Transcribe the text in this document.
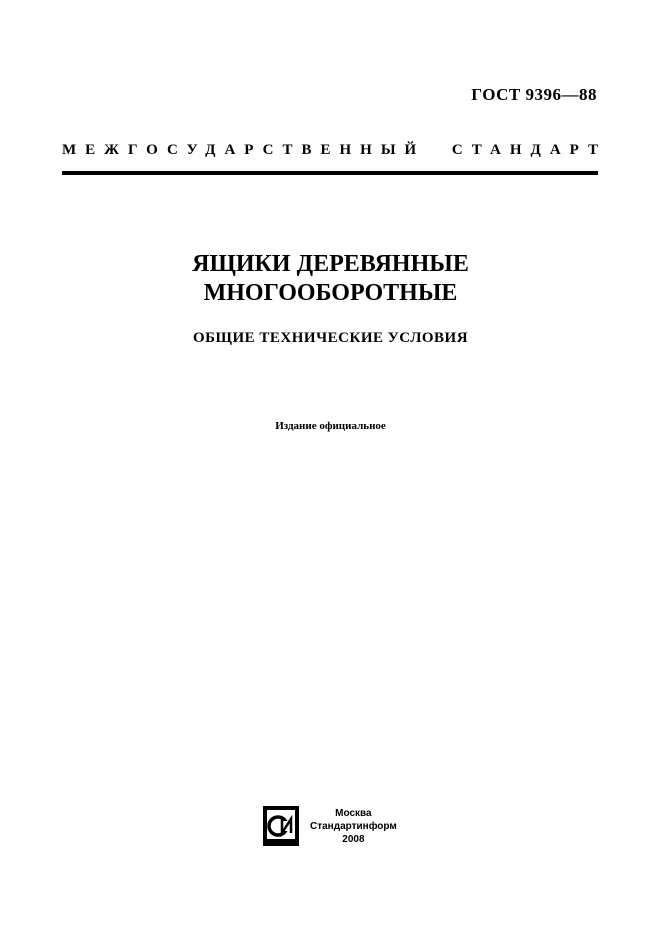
ГОСТ 9396—88
МЕЖГОСУДАРСТВЕННЫЙ СТАНДАРТ
ЯЩИКИ ДЕРЕВЯННЫЕ
МНОГООБОРОТНЫЕ
ОБЩИЕ ТЕХНИЧЕСКИЕ УСЛОВИЯ
Издание официальное
Москва
Стандартинформ
2008
